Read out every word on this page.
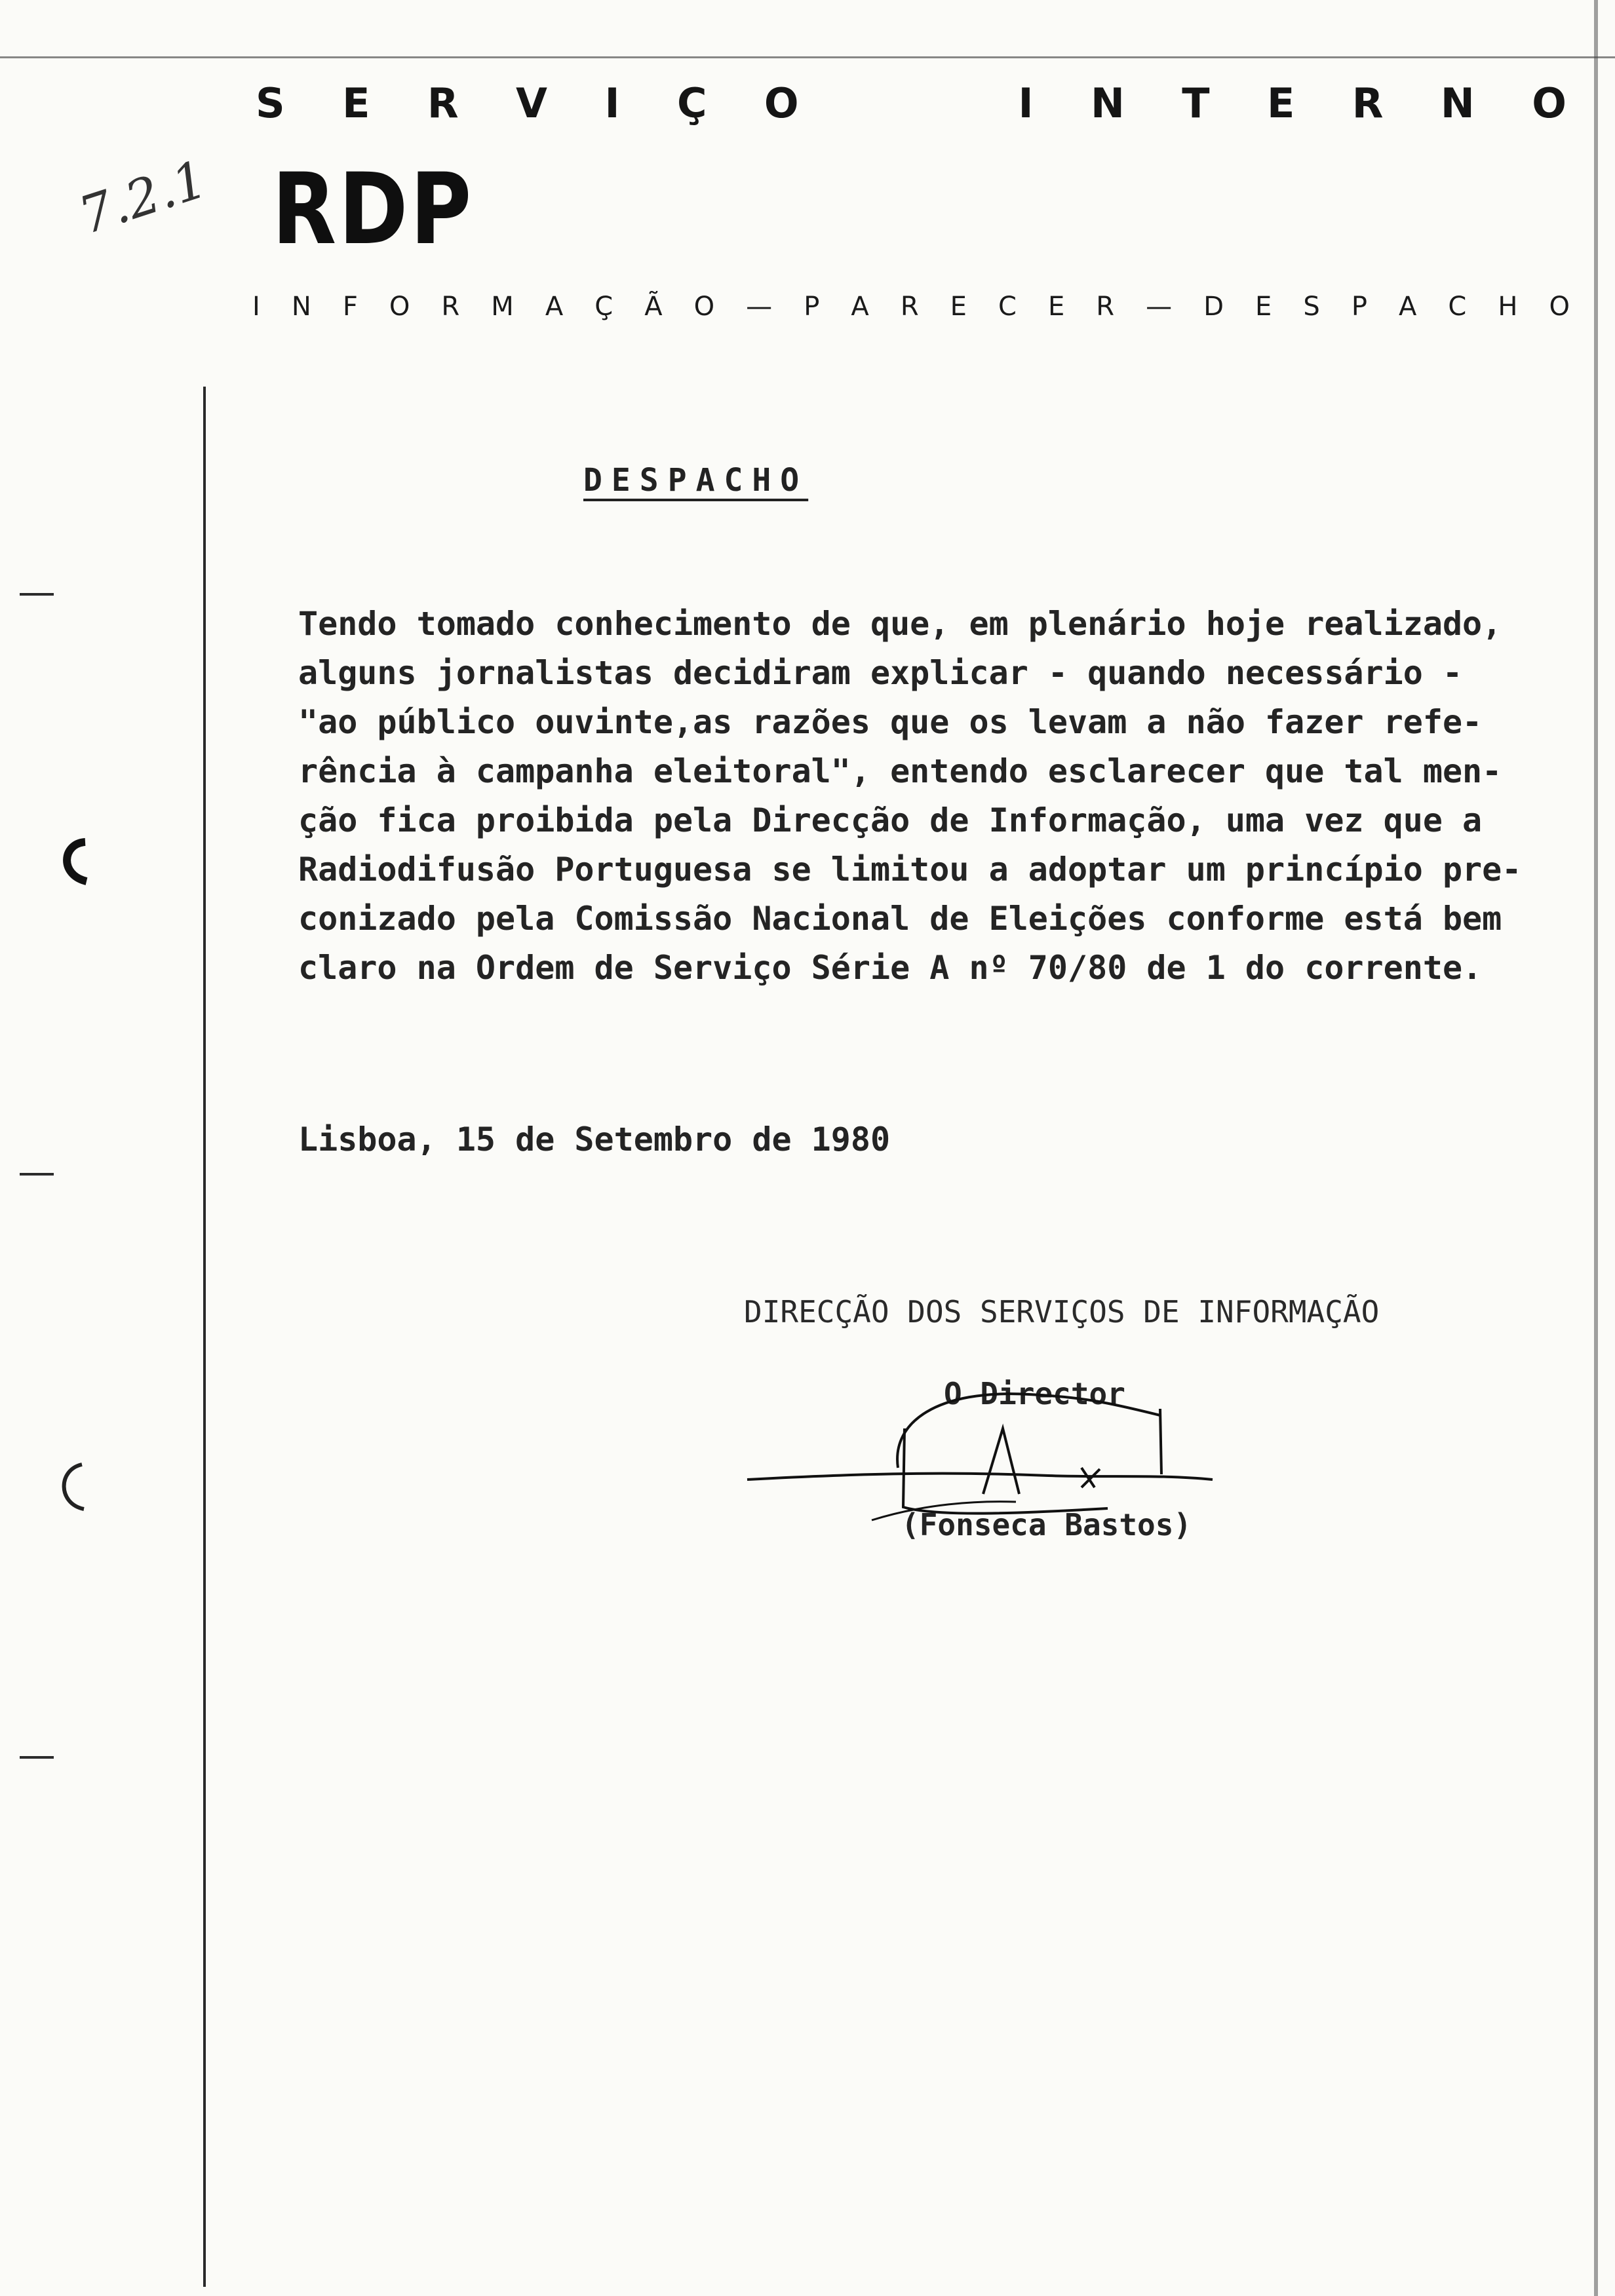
S E R V I Ç O	I N T E R N O
RDP
7.2.1
I N F O R M A Ç Ã O — P A R E C E R — D E S P A C H O
DESPACHO
Tendo tomado conhecimento de que, em plenário hoje realizado,
alguns jornalistas decidiram explicar - quando necessário -
"ao público ouvinte,as razões que os levam a não fazer refe-
rência à campanha eleitoral", entendo esclarecer que tal men-
ção fica proibida pela Direcção de Informação, uma vez que a
Radiodifusão Portuguesa se limitou a adoptar um princípio pre-
conizado pela Comissão Nacional de Eleições conforme está bem
claro na Ordem de Serviço Série A nº 70/80 de 1 do corrente.
Lisboa, 15 de Setembro de 1980
DIRECÇÃO DOS SERVIÇOS DE INFORMAÇÃO
O Director
(Fonseca Bastos)
